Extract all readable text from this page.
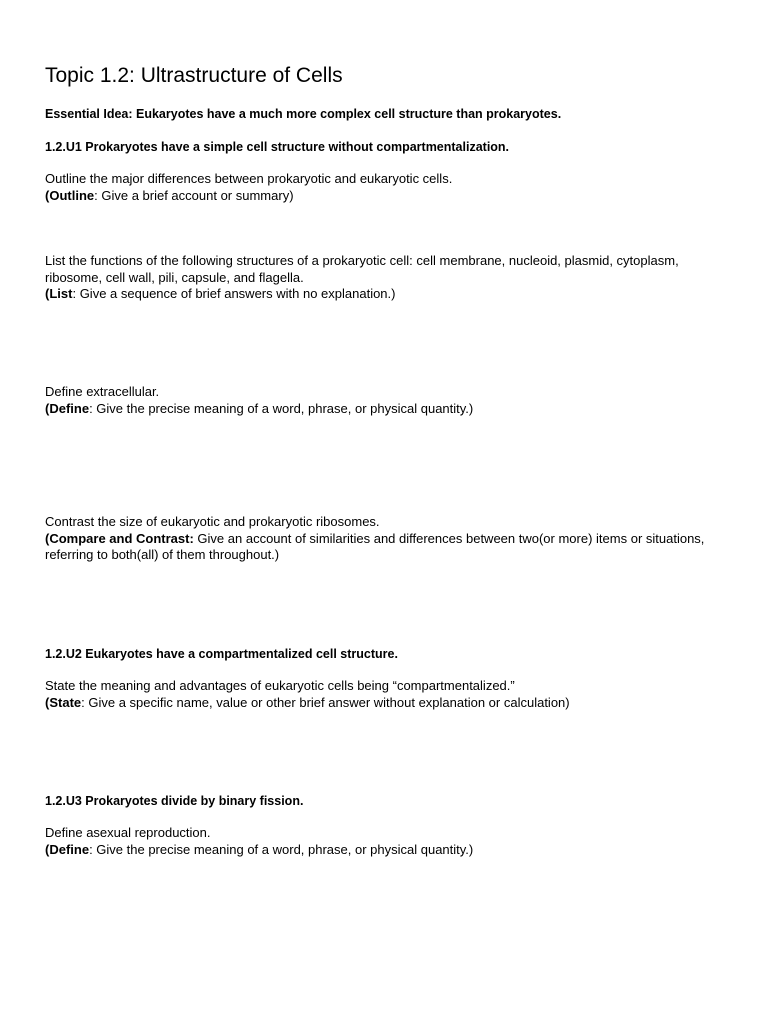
Topic 1.2: Ultrastructure of Cells

Essential Idea: Eukaryotes have a much more complex cell structure than prokaryotes.

1.2.U1 Prokaryotes have a simple cell structure without compartmentalization.

Outline the major differences between prokaryotic and eukaryotic cells.
(Outline: Give a brief account or summary)
List the functions of the following structures of a prokaryotic cell: cell membrane, nucleoid, plasmid, cytoplasm, ribosome, cell wall, pili, capsule, and flagella.
(List: Give a sequence of brief answers with no explanation.)
Define extracellular.
(Define: Give the precise meaning of a word, phrase, or physical quantity.)
Contrast the size of eukaryotic and prokaryotic ribosomes.
(Compare and Contrast: Give an account of similarities and differences between two(or more) items or situations, referring to both(all) of them throughout.)

1.2.U2 Eukaryotes have a compartmentalized cell structure.

State the meaning and advantages of eukaryotic cells being “compartmentalized.”
(State: Give a specific name, value or other brief answer without explanation or calculation)

1.2.U3 Prokaryotes divide by binary fission.

Define asexual reproduction.
(Define: Give the precise meaning of a word, phrase, or physical quantity.)
